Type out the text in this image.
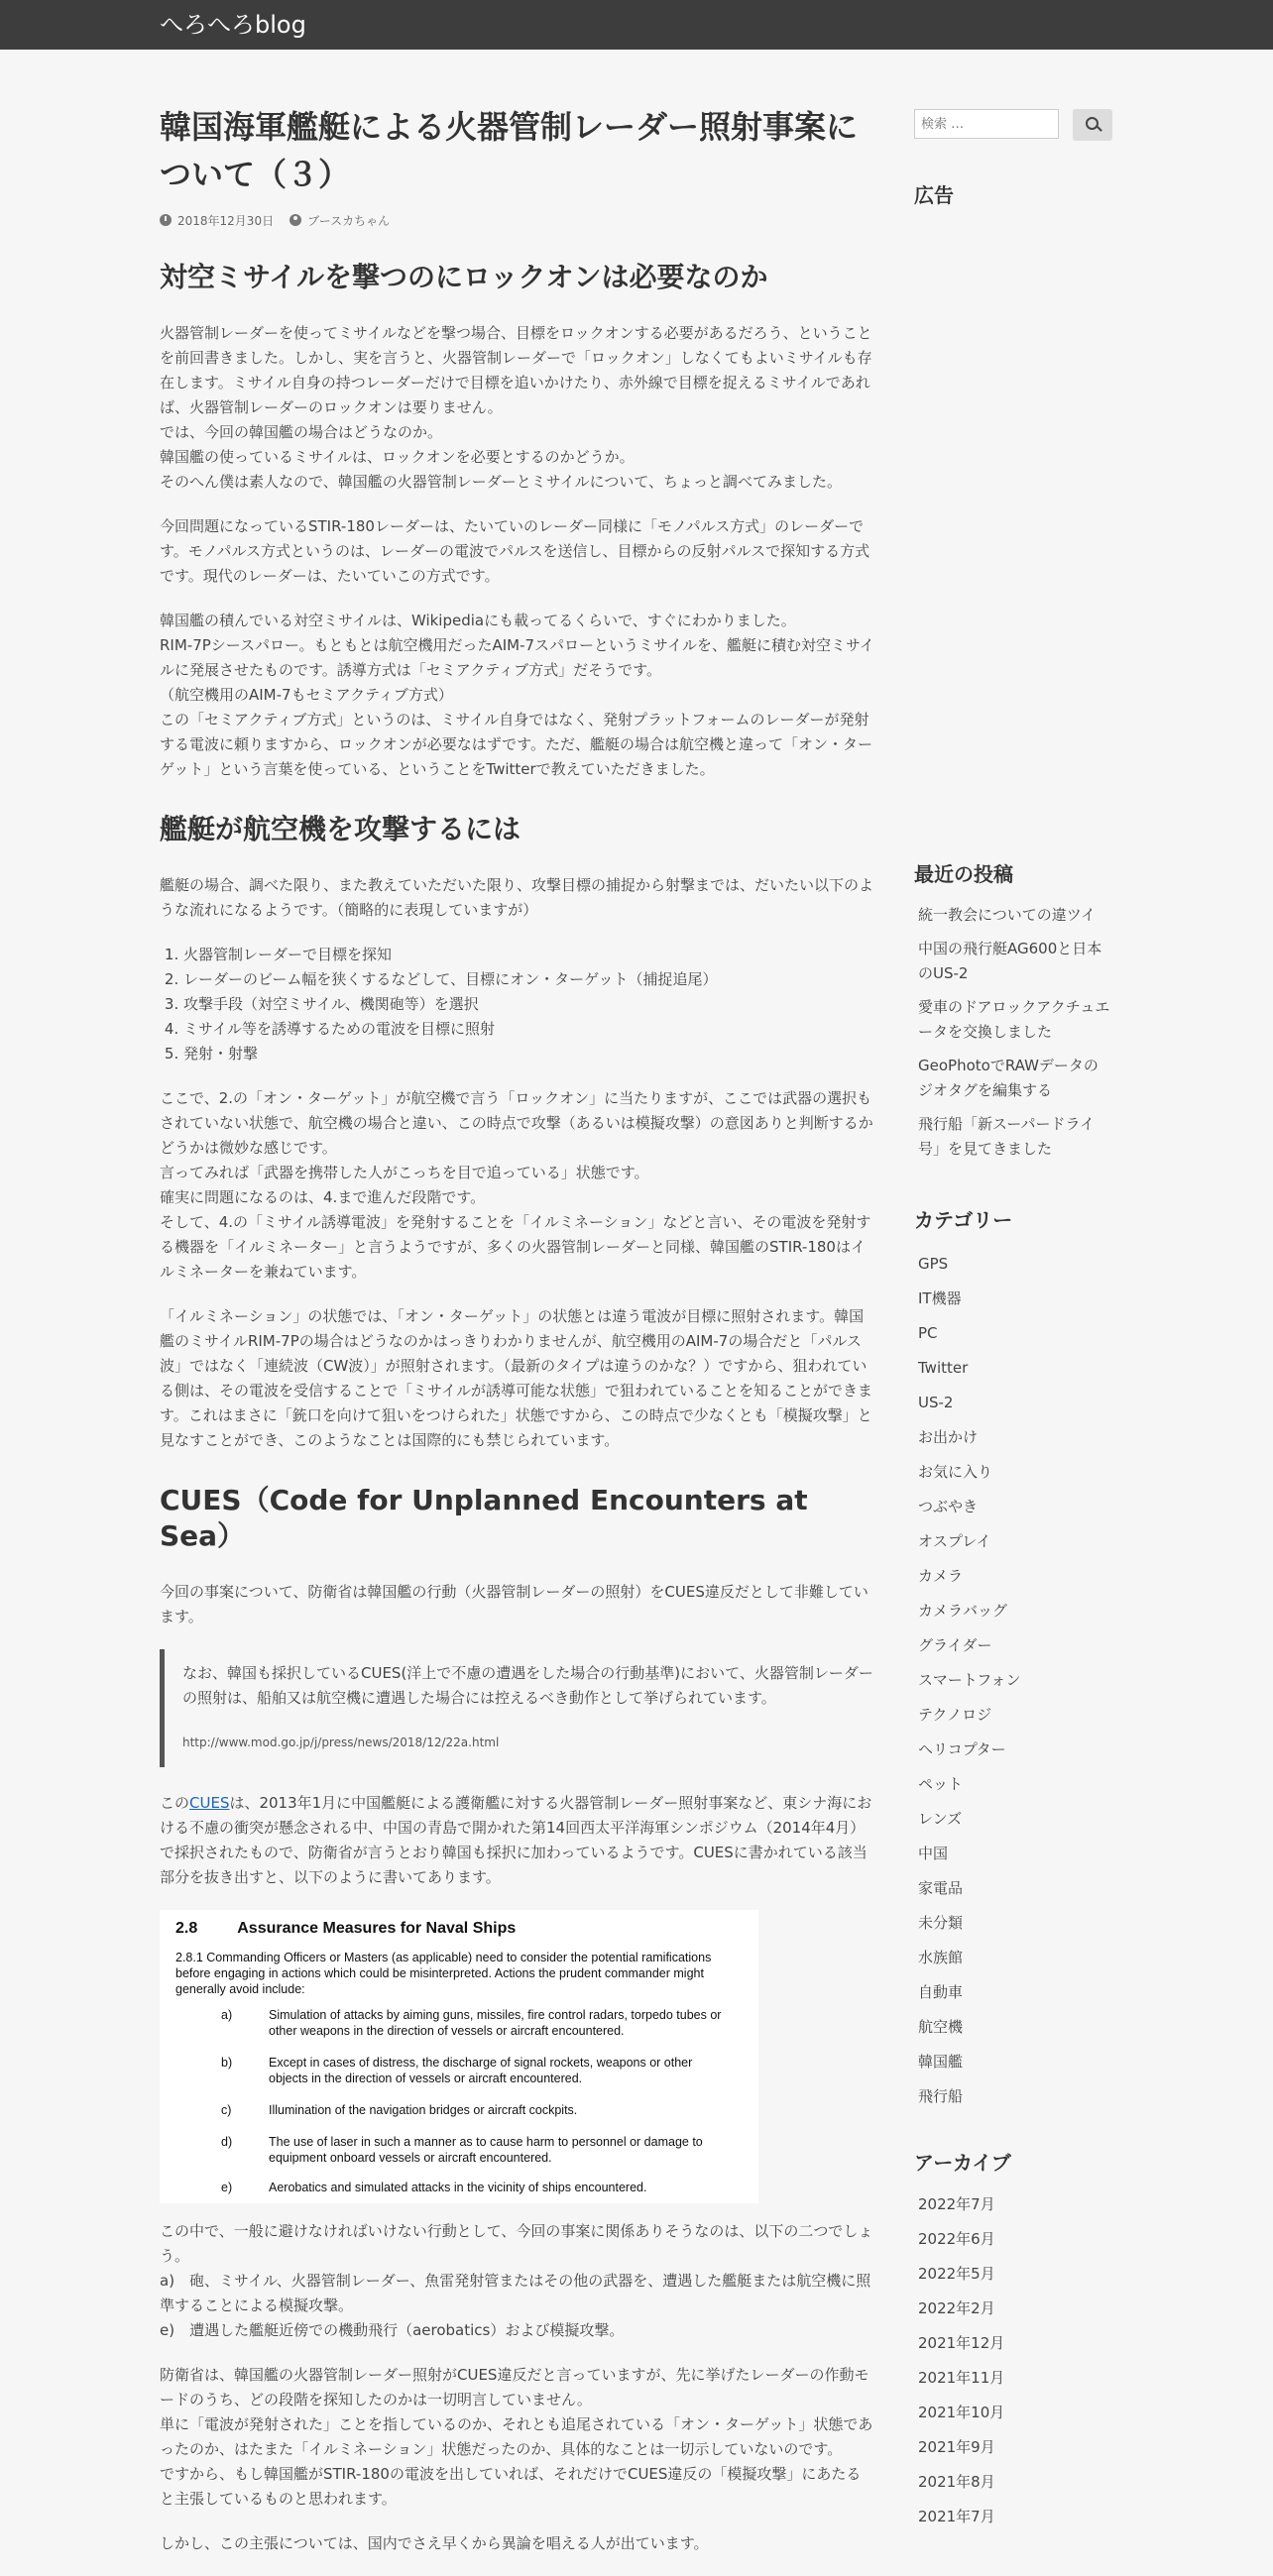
へろへろblog
韓国海軍艦艇による火器管制レーダー照射事案について（３）
2018年12月30日	ブースカちゃん
対空ミサイルを撃つのにロックオンは必要なのか

火器管制レーダーを使ってミサイルなどを撃つ場合、目標をロックオンする必要があるだろう、ということを前回書きました。しかし、実を言うと、火器管制レーダーで「ロックオン」しなくてもよいミサイルも存在します。ミサイル自身の持つレーダーだけで目標を追いかけたり、赤外線で目標を捉えるミサイルであれば、火器管制レーダーのロックオンは要りません。
では、今回の韓国艦の場合はどうなのか。
韓国艦の使っているミサイルは、ロックオンを必要とするのかどうか。
そのへん僕は素人なので、韓国艦の火器管制レーダーとミサイルについて、ちょっと調べてみました。

今回問題になっているSTIR-180レーダーは、たいていのレーダー同様に「モノパルス方式」のレーダーです。モノパルス方式というのは、レーダーの電波でパルスを送信し、目標からの反射パルスで探知する方式です。現代のレーダーは、たいていこの方式です。

韓国艦の積んでいる対空ミサイルは、Wikipediaにも載ってるくらいで、すぐにわかりました。
RIM-7Pシースパロー。もともとは航空機用だったAIM-7スパローというミサイルを、艦艇に積む対空ミサイルに発展させたものです。誘導方式は「セミアクティブ方式」だそうです。
（航空機用のAIM-7もセミアクティブ方式）
この「セミアクティブ方式」というのは、ミサイル自身ではなく、発射プラットフォームのレーダーが発射する電波に頼りますから、ロックオンが必要なはずです。ただ、艦艇の場合は航空機と違って「オン・ターゲット」という言葉を使っている、ということをTwitterで教えていただきました。

艦艇が航空機を攻撃するには

艦艇の場合、調べた限り、また教えていただいた限り、攻撃目標の捕捉から射撃までは、だいたい以下のような流れになるようです。（簡略的に表現していますが）

1. 火器管制レーダーで目標を探知
2. レーダーのビーム幅を狭くするなどして、目標にオン・ターゲット（捕捉追尾）
3. 攻撃手段（対空ミサイル、機関砲等）を選択
4. ミサイル等を誘導するための電波を目標に照射
5. 発射・射撃

ここで、2.の「オン・ターゲット」が航空機で言う「ロックオン」に当たりますが、ここでは武器の選択もされていない状態で、航空機の場合と違い、この時点で攻撃（あるいは模擬攻撃）の意図ありと判断するかどうかは微妙な感じです。
言ってみれば「武器を携帯した人がこっちを目で追っている」状態です。
確実に問題になるのは、4.まで進んだ段階です。
そして、4.の「ミサイル誘導電波」を発射することを「イルミネーション」などと言い、その電波を発射する機器を「イルミネーター」と言うようですが、多くの火器管制レーダーと同様、韓国艦のSTIR-180はイルミネーターを兼ねています。

「イルミネーション」の状態では、「オン・ターゲット」の状態とは違う電波が目標に照射されます。韓国艦のミサイルRIM-7Pの場合はどうなのかはっきりわかりませんが、航空機用のAIM-7の場合だと「パルス波」ではなく「連続波（CW波）」が照射されます。（最新のタイプは違うのかな？）ですから、狙われている側は、その電波を受信することで「ミサイルが誘導可能な状態」で狙われていることを知ることができます。これはまさに「銃口を向けて狙いをつけられた」状態ですから、この時点で少なくとも「模擬攻撃」と見なすことができ、このようなことは国際的にも禁じられています。

CUES（Code for Unplanned Encounters at Sea）

今回の事案について、防衛省は韓国艦の行動（火器管制レーダーの照射）をCUES違反だとして非難しています。

なお、韓国も採択しているCUES(洋上で不慮の遭遇をした場合の行動基準)において、火器管制レーダーの照射は、船舶又は航空機に遭遇した場合には控えるべき動作として挙げられています。
http://www.mod.go.jp/j/press/news/2018/12/22a.html

このCUESは、2013年1月に中国艦艇による護衛艦に対する火器管制レーダー照射事案など、東シナ海における不慮の衝突が懸念される中、中国の青島で開かれた第14回西太平洋海軍シンポジウム（2014年4月）で採択されたもので、防衛省が言うとおり韓国も採択に加わっているようです。CUESに書かれている該当部分を抜き出すと、以下のように書いてあります。

2.8	Assurance Measures for Naval Ships
2.8.1 Commanding Officers or Masters (as applicable) need to consider the potential ramifications before engaging in actions which could be misinterpreted. Actions the prudent commander might generally avoid include:
a)	Simulation of attacks by aiming guns, missiles, fire control radars, torpedo tubes or other weapons in the direction of vessels or aircraft encountered.
b)	Except in cases of distress, the discharge of signal rockets, weapons or other objects in the direction of vessels or aircraft encountered.
c)	Illumination of the navigation bridges or aircraft cockpits.
d)	The use of laser in such a manner as to cause harm to personnel or damage to equipment onboard vessels or aircraft encountered.
e)	Aerobatics and simulated attacks in the vicinity of ships encountered.

この中で、一般に避けなければいけない行動として、今回の事案に関係ありそうなのは、以下の二つでしょう。
a)　砲、ミサイル、火器管制レーダー、魚雷発射管またはその他の武器を、遭遇した艦艇または航空機に照準することによる模擬攻撃。
e)　遭遇した艦艇近傍での機動飛行（aerobatics）および模擬攻撃。

防衛省は、韓国艦の火器管制レーダー照射がCUES違反だと言っていますが、先に挙げたレーダーの作動モードのうち、どの段階を探知したのかは一切明言していません。
単に「電波が発射された」ことを指しているのか、それとも追尾されている「オン・ターゲット」状態であったのか、はたまた「イルミネーション」状態だったのか、具体的なことは一切示していないのです。
ですから、もし韓国艦がSTIR-180の電波を出していれば、それだけでCUES違反の「模擬攻撃」にあたると主張しているものと思われます。

しかし、この主張については、国内でさえ早くから異論を唱える人が出ています。

検索 …
広告
最近の投稿
統一教会についての違ツイ
中国の飛行艇AG600と日本のUS-2
愛車のドアロックアクチュエータを交換しました
GeoPhotoでRAWデータのジオタグを編集する
飛行船「新スーパードライ号」を見てきました
カテゴリー
GPS
IT機器
PC
Twitter
US-2
お出かけ
お気に入り
つぶやき
オスプレイ
カメラ
カメラバッグ
グライダー
スマートフォン
テクノロジ
ヘリコプター
ペット
レンズ
中国
家電品
未分類
水族館
自動車
航空機
韓国艦
飛行船
アーカイブ
2022年7月
2022年6月
2022年5月
2022年2月
2021年12月
2021年11月
2021年10月
2021年9月
2021年8月
2021年7月
